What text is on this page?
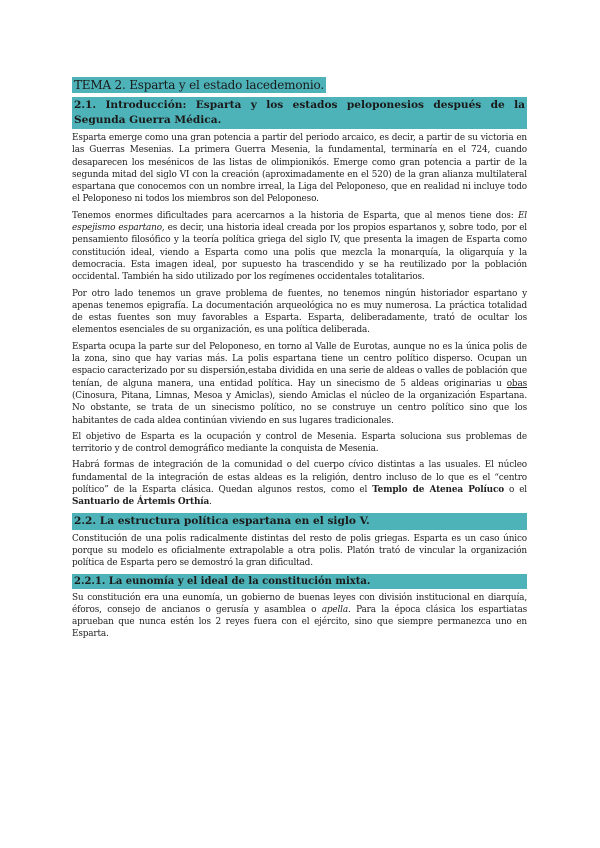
TEMA 2. Esparta y el estado lacedemonio.
2.1. Introducción: Esparta y los estados peloponesios después de la Segunda Guerra Médica.

Esparta emerge como una gran potencia a partir del periodo arcaico, es decir, a partir de su victoria en las Guerras Mesenias. La primera Guerra Mesenia, la fundamental, terminaría en el 724, cuando desaparecen los mesénicos de las listas de olimpionikós. Emerge como gran potencia a partir de la segunda mitad del siglo VI con la creación (aproximadamente en el 520) de la gran alianza multilateral espartana que conocemos con un nombre irreal, la Liga del Peloponeso, que en realidad ni incluye todo el Peloponeso ni todos los miembros son del Peloponeso.

Tenemos enormes dificultades para acercarnos a la historia de Esparta, que al menos tiene dos: El espejismo espartano, es decir, una historia ideal creada por los propios espartanos y, sobre todo, por el pensamiento filosófico y la teoría política griega del siglo IV, que presenta la imagen de Esparta como constitución ideal, viendo a Esparta como una polis que mezcla la monarquía, la oligarquía y la democracia. Esta imagen ideal, por supuesto ha trascendido y se ha reutilizado por la población occidental. También ha sido utilizado por los regímenes occidentales totalitarios.

Por otro lado tenemos un grave problema de fuentes, no tenemos ningún historiador espartano y apenas tenemos epigrafía. La documentación arqueológica no es muy numerosa. La práctica totalidad de estas fuentes son muy favorables a Esparta. Esparta, deliberadamente, trató de ocultar los elementos esenciales de su organización, es una política deliberada.

Esparta ocupa la parte sur del Peloponeso, en torno al Valle de Eurotas, aunque no es la única polis de la zona, sino que hay varias más. La polis espartana tiene un centro político disperso. Ocupan un espacio caracterizado por su dispersión,estaba dividida en una serie de aldeas o valles de población que tenían, de alguna manera, una entidad política. Hay un sinecismo de 5 aldeas originarias u obas (Cinosura, Pitana, Limnas, Mesoa y Amiclas), siendo Amiclas el núcleo de la organización Espartana. No obstante, se trata de un sinecismo político, no se construye un centro político sino que los habitantes de cada aldea continúan viviendo en sus lugares tradicionales.

El objetivo de Esparta es la ocupación y control de Mesenia. Esparta soluciona sus problemas de territorio y de control demográfico mediante la conquista de Mesenia.

Habrá formas de integración de la comunidad o del cuerpo cívico distintas a las usuales. El núcleo fundamental de la integración de estas aldeas es la religión, dentro incluso de lo que es el “centro político” de la Esparta clásica. Quedan algunos restos, como el Templo de Atenea Políuco o el Santuario de Ártemis Orthía.

2.2. La estructura política espartana en el siglo V.

Constitución de una polis radicalmente distintas del resto de polis griegas. Esparta es un caso único porque su modelo es oficialmente extrapolable a otra polis. Platón trató de vincular la organización política de Esparta pero se demostró la gran dificultad.

2.2.1. La eunomía y el ideal de la constitución mixta.

Su constitución era una eunomía, un gobierno de buenas leyes con división institucional en diarquía, éforos, consejo de ancianos o gerusía y asamblea o apella. Para la época clásica los espartiatas aprueban que nunca estén los 2 reyes fuera con el ejército, sino que siempre permanezca uno en Esparta.
